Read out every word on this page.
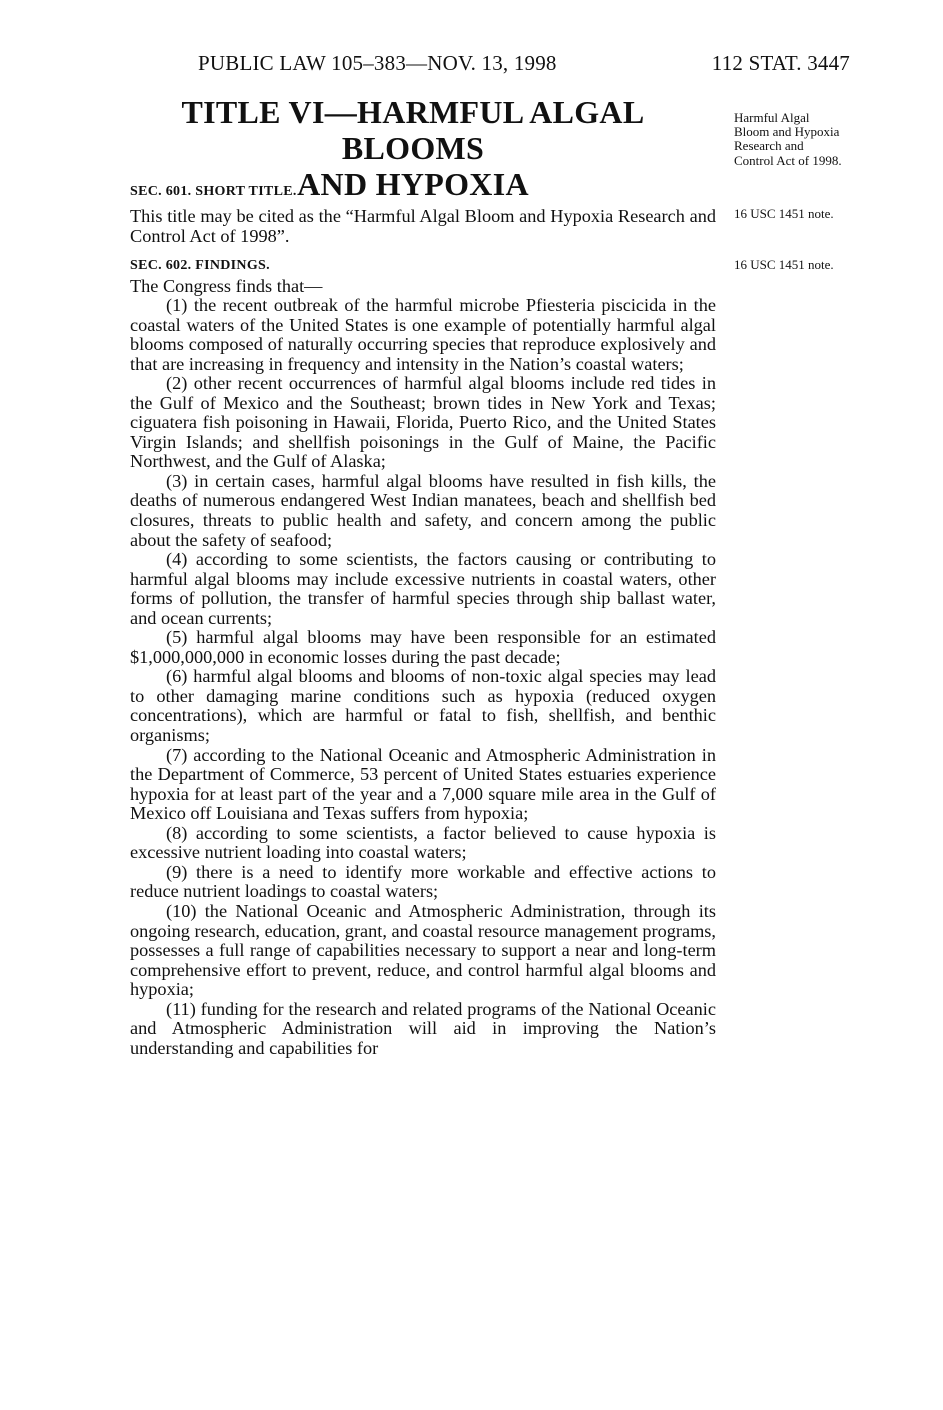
PUBLIC LAW 105–383—NOV. 13, 1998	112 STAT. 3447
TITLE VI—HARMFUL ALGAL BLOOMS
AND HYPOXIA
SEC. 601. SHORT TITLE.
This title may be cited as the “Harmful Algal Bloom and Hypoxia Research and Control Act of 1998”.
SEC. 602. FINDINGS.
The Congress finds that—

(1) the recent outbreak of the harmful microbe Pfiesteria piscicida in the coastal waters of the United States is one example of potentially harmful algal blooms composed of naturally occurring species that reproduce explosively and that are increasing in frequency and intensity in the Nation’s coastal waters;

(2) other recent occurrences of harmful algal blooms include red tides in the Gulf of Mexico and the Southeast; brown tides in New York and Texas; ciguatera fish poisoning in Hawaii, Florida, Puerto Rico, and the United States Virgin Islands; and shellfish poisonings in the Gulf of Maine, the Pacific Northwest, and the Gulf of Alaska;

(3) in certain cases, harmful algal blooms have resulted in fish kills, the deaths of numerous endangered West Indian manatees, beach and shellfish bed closures, threats to public health and safety, and concern among the public about the safety of seafood;

(4) according to some scientists, the factors causing or contributing to harmful algal blooms may include excessive nutrients in coastal waters, other forms of pollution, the transfer of harmful species through ship ballast water, and ocean currents;

(5) harmful algal blooms may have been responsible for an estimated $1,000,000,000 in economic losses during the past decade;

(6) harmful algal blooms and blooms of non-toxic algal species may lead to other damaging marine conditions such as hypoxia (reduced oxygen concentrations), which are harmful or fatal to fish, shellfish, and benthic organisms;

(7) according to the National Oceanic and Atmospheric Administration in the Department of Commerce, 53 percent of United States estuaries experience hypoxia for at least part of the year and a 7,000 square mile area in the Gulf of Mexico off Louisiana and Texas suffers from hypoxia;

(8) according to some scientists, a factor believed to cause hypoxia is excessive nutrient loading into coastal waters;

(9) there is a need to identify more workable and effective actions to reduce nutrient loadings to coastal waters;

(10) the National Oceanic and Atmospheric Administration, through its ongoing research, education, grant, and coastal resource management programs, possesses a full range of capabilities necessary to support a near and long-term comprehensive effort to prevent, reduce, and control harmful algal blooms and hypoxia;

(11) funding for the research and related programs of the National Oceanic and Atmospheric Administration will aid in improving the Nation’s understanding and capabilities for

Harmful Algal Bloom and Hypoxia Research and Control Act of 1998.
16 USC 1451 note.
16 USC 1451 note.
